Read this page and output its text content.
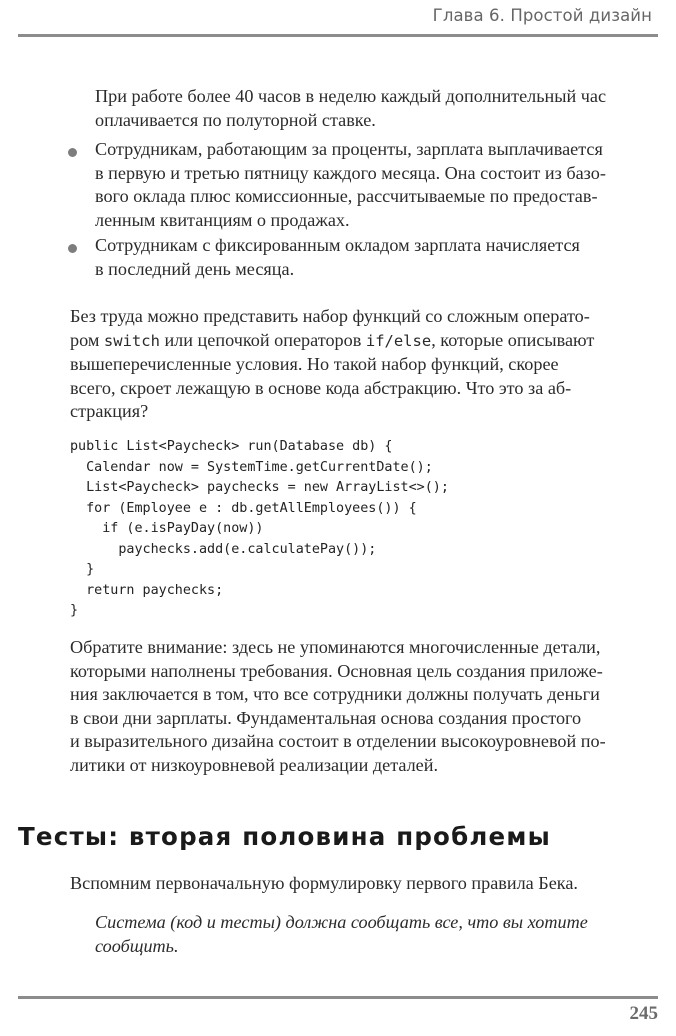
Глава 6. Простой дизайн
При работе более 40 часов в неделю каждый дополнительный час
оплачивается по полуторной ставке.
Сотрудникам, работающим за проценты, зарплата выплачивается
в первую и третью пятницу каждого месяца. Она состоит из базо-
вого оклада плюс комиссионные, рассчитываемые по предостав-
ленным квитанциям о продажах.
Сотрудникам с фиксированным окладом зарплата начисляется
в последний день месяца.
Без труда можно представить набор функций со сложным операто-
ром switch или цепочкой операторов if/else, которые описывают
вышеперечисленные условия. Но такой набор функций, скорее
всего, скроет лежащую в основе кода абстракцию. Что это за аб-
стракция?
public List<Paycheck> run(Database db) {
Calendar now = SystemTime.getCurrentDate();
List<Paycheck> paychecks = new ArrayList<>();
for (Employee e : db.getAllEmployees()) {
if (e.isPayDay(now))
paychecks.add(e.calculatePay());
}
return paychecks;
}
Обратите внимание: здесь не упоминаются многочисленные детали,
которыми наполнены требования. Основная цель создания приложе-
ния заключается в том, что все сотрудники должны получать деньги
в свои дни зарплаты. Фундаментальная основа создания простого
и выразительного дизайна состоит в отделении высокоуровневой по-
литики от низкоуровневой реализации деталей.
Тесты: вторая половина проблемы
Вспомним первоначальную формулировку первого правила Бека.
Система (код и тесты) должна сообщать все, что вы хотите
сообщить.
245
